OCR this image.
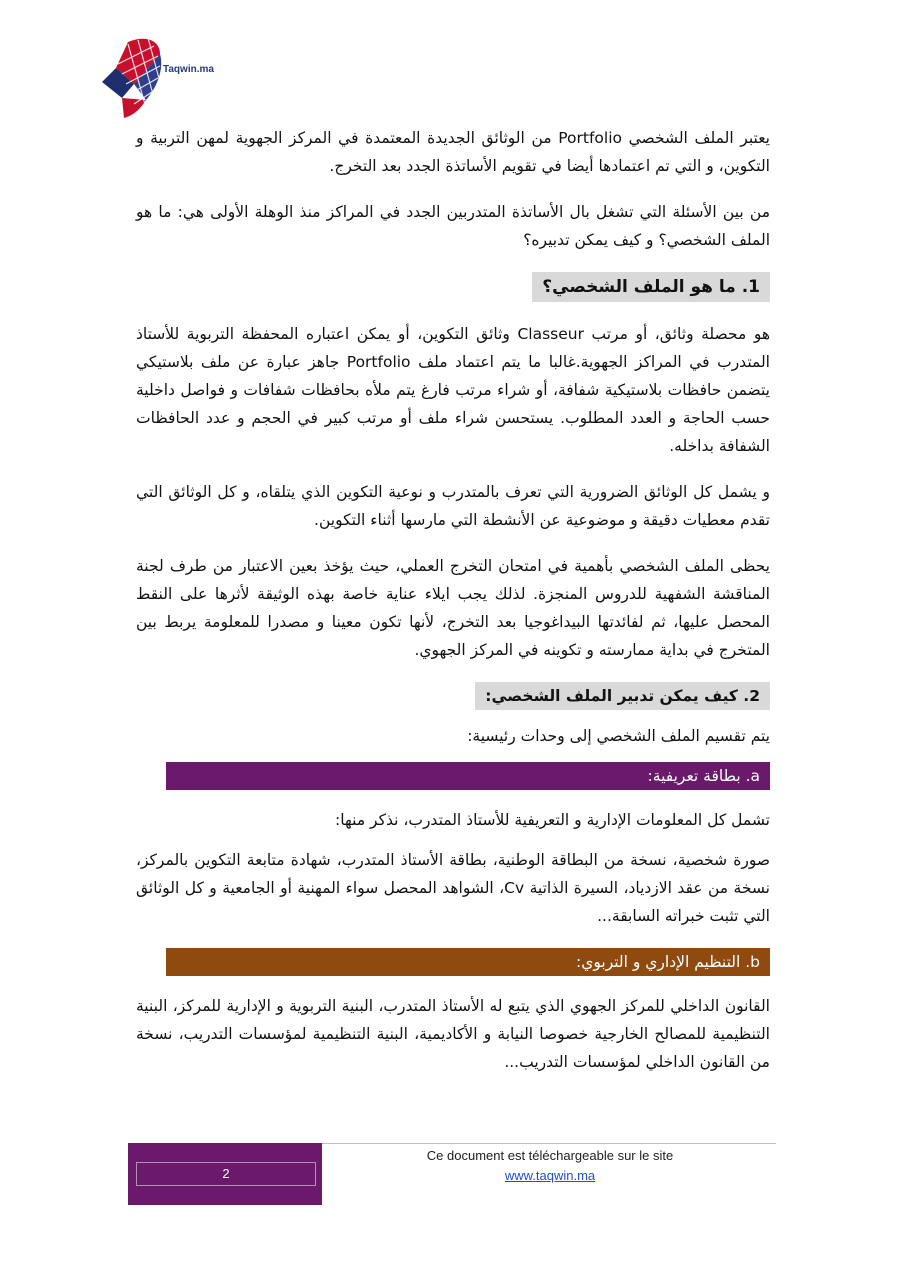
Taqwin.ma

يعتبر الملف الشخصي Portfolio من الوثائق الجديدة المعتمدة في المركز الجهوية لمهن التربية و التكوين، و التي تم اعتمادها أيضا في تقويم الأساتذة الجدد بعد التخرج.

من بين الأسئلة التي تشغل بال الأساتذة المتدربين الجدد في المراكز منذ الوهلة الأولى هي: ما هو الملف الشخصي؟ و كيف يمكن تدبيره؟

1. ما هو الملف الشخصي؟

هو محصلة وثائق، أو مرتب Classeur وثائق التكوين، أو يمكن اعتباره المحفظة التربوية للأستاذ المتدرب في المراكز الجهوية.غالبا ما يتم اعتماد ملف Portfolio جاهز عبارة عن ملف بلاستيكي يتضمن حافظات بلاستيكية شفافة، أو شراء مرتب فارغ يتم ملأه بحافظات شفافات و فواصل داخلية حسب الحاجة و العدد المطلوب. يستحسن شراء ملف أو مرتب كبير في الحجم و عدد الحافظات الشفافة بداخله.

و يشمل كل الوثائق الضرورية التي تعرف بالمتدرب و نوعية التكوين الذي يتلقاه، و كل الوثائق التي تقدم معطيات دقيقة و موضوعية عن الأنشطة التي مارسها أثناء التكوين.

يحظى الملف الشخصي بأهمية في امتحان التخرج العملي، حيث يؤخذ بعين الاعتبار من طرف لجنة المناقشة الشفهية للدروس المنجزة. لذلك يجب ايلاء عناية خاصة بهذه الوثيقة لأثرها على النقط المحصل عليها، ثم لفائدتها البيداغوجيا بعد التخرج، لأنها تكون معينا و مصدرا للمعلومة يربط بين المتخرج في بداية ممارسته و تكوينه في المركز الجهوي.

2. كيف يمكن تدبير الملف الشخصي:

يتم تقسيم الملف الشخصي إلى وحدات رئيسية:

a. بطاقة تعريفية:

تشمل كل المعلومات الإدارية و التعريفية للأستاذ المتدرب، نذكر منها:

صورة شخصية، نسخة من البطاقة الوطنية، بطاقة الأستاذ المتدرب، شهادة متابعة التكوين بالمركز، نسخة من عقد الازدياد، السيرة الذاتية Cv، الشواهد المحصل سواء المهنية أو الجامعية و كل الوثائق التي تثبت خبراته السابقة...

b. التنظيم الإداري و التربوي:

القانون الداخلي للمركز الجهوي الذي يتبع له الأستاذ المتدرب، البنية التربوية و الإدارية للمركز، البنية التنظيمية للمصالح الخارجية خصوصا النيابة و الأكاديمية، البنية التنظيمية لمؤسسات التدريب، نسخة من القانون الداخلي لمؤسسات التدريب...

2
Ce document est téléchargeable sur le site
www.taqwin.ma
